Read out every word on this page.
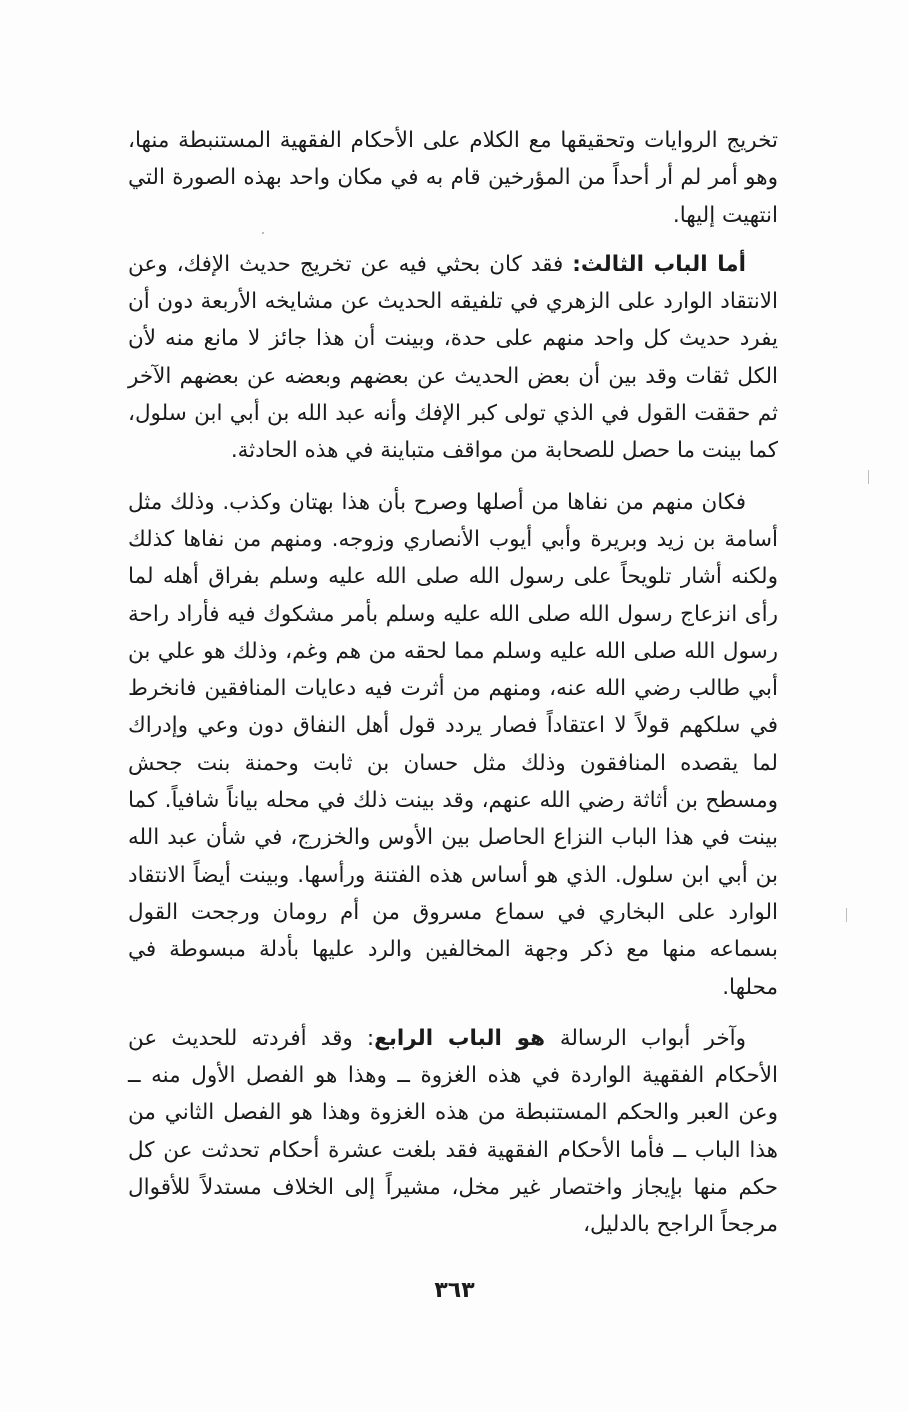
تخريج الروايات وتحقيقها مع الكلام على الأحكام الفقهية المستنبطة منها، وهو أمر لم أر أحداً من المؤرخين قام به في مكان واحد بهذه الصورة التي انتهيت إليها.

أما الباب الثالث: فقد كان بحثي فيه عن تخريج حديث الإفك، وعن الانتقاد الوارد على الزهري في تلفيقه الحديث عن مشايخه الأربعة دون أن يفرد حديث كل واحد منهم على حدة، وبينت أن هذا جائز لا مانع منه لأن الكل ثقات وقد بين أن بعض الحديث عن بعضهم وبعضه عن بعضهم الآخر ثم حققت القول في الذي تولى كبر الإفك وأنه عبد الله بن أبي ابن سلول، كما بينت ما حصل للصحابة من مواقف متباينة في هذه الحادثة.

فكان منهم من نفاها من أصلها وصرح بأن هذا بهتان وكذب. وذلك مثل أسامة بن زيد وبريرة وأبي أيوب الأنصاري وزوجه. ومنهم من نفاها كذلك ولكنه أشار تلويحاً على رسول الله صلى الله عليه وسلم بفراق أهله لما رأى انزعاج رسول الله صلى الله عليه وسلم بأمر مشكوك فيه فأراد راحة رسول الله صلى الله عليه وسلم مما لحقه من هم وغم، وذلك هو علي بن أبي طالب رضي الله عنه، ومنهم من أثرت فيه دعايات المنافقين فانخرط في سلكهم قولاً لا اعتقاداً فصار يردد قول أهل النفاق دون وعي وإدراك لما يقصده المنافقون وذلك مثل حسان بن ثابت وحمنة بنت جحش ومسطح بن أثاثة رضي الله عنهم، وقد بينت ذلك في محله بياناً شافياً. كما بينت في هذا الباب النزاع الحاصل بين الأوس والخزرج، في شأن عبد الله بن أبي ابن سلول. الذي هو أساس هذه الفتنة ورأسها. وبينت أيضاً الانتقاد الوارد على البخاري في سماع مسروق من أم رومان ورجحت القول بسماعه منها مع ذكر وجهة المخالفين والرد عليها بأدلة مبسوطة في محلها.

وآخر أبواب الرسالة هو الباب الرابع: وقد أفردته للحديث عن الأحكام الفقهية الواردة في هذه الغزوة ــ وهذا هو الفصل الأول منه ــ وعن العبر والحكم المستنبطة من هذه الغزوة وهذا هو الفصل الثاني من هذا الباب ــ فأما الأحكام الفقهية فقد بلغت عشرة أحكام تحدثت عن كل حكم منها بإيجاز واختصار غير مخل، مشيراً إلى الخلاف مستدلاً للأقوال مرجحاً الراجح بالدليل،

٣٦٣
